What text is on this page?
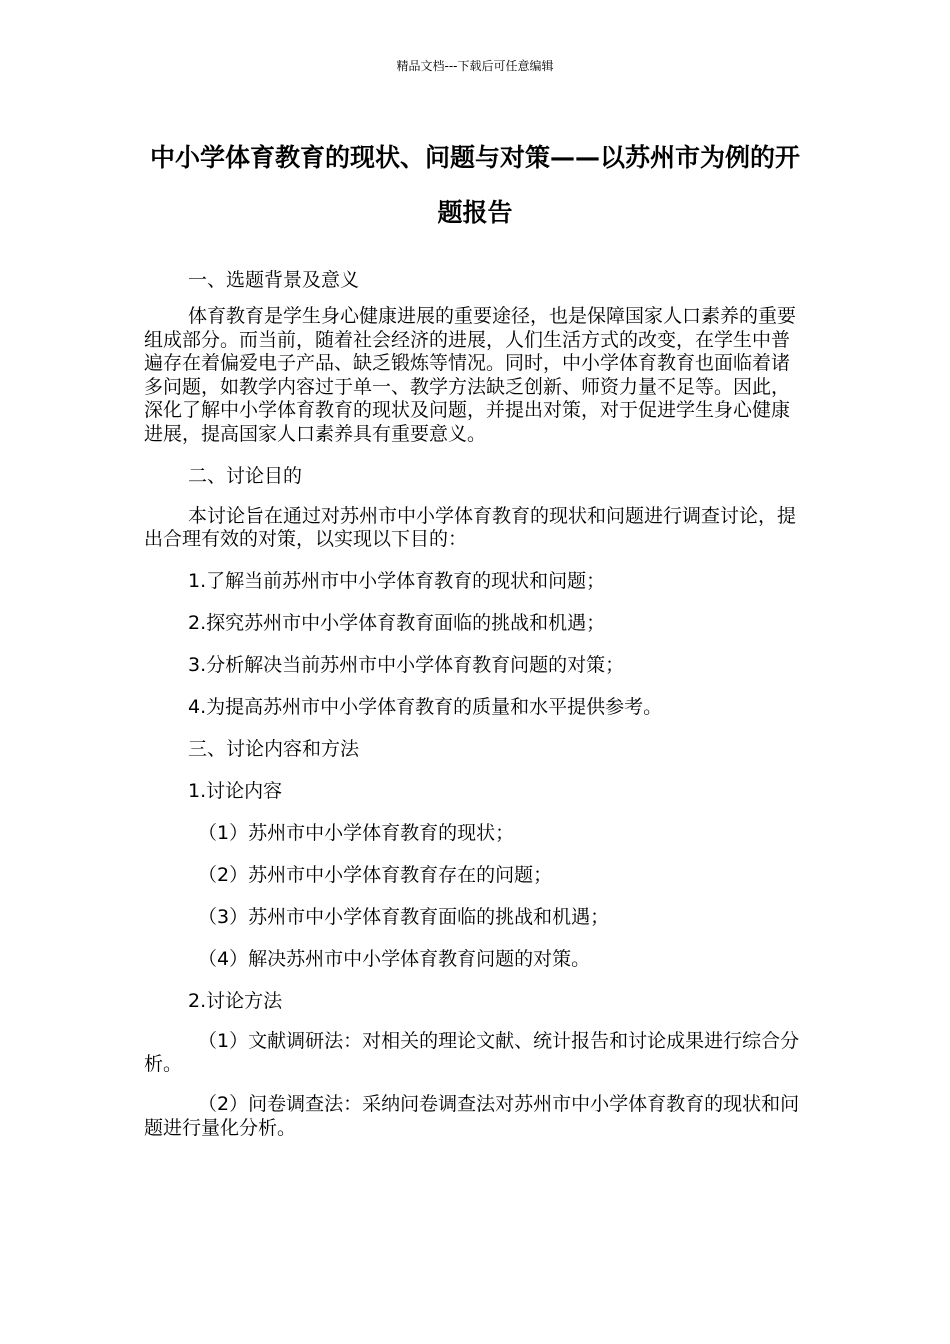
精品文档---下载后可任意编辑
中小学体育教育的现状、问题与对策——以苏州市为例的开题报告

一、选题背景及意义

体育教育是学生身心健康进展的重要途径，也是保障国家人口素养的重要组成部分。而当前，随着社会经济的进展，人们生活方式的改变，在学生中普遍存在着偏爱电子产品、缺乏锻炼等情况。同时，中小学体育教育也面临着诸多问题，如教学内容过于单一、教学方法缺乏创新、师资力量不足等。因此，深化了解中小学体育教育的现状及问题，并提出对策，对于促进学生身心健康进展，提高国家人口素养具有重要意义。

二、讨论目的

本讨论旨在通过对苏州市中小学体育教育的现状和问题进行调查讨论，提出合理有效的对策，以实现以下目的：

1.了解当前苏州市中小学体育教育的现状和问题；

2.探究苏州市中小学体育教育面临的挑战和机遇；

3.分析解决当前苏州市中小学体育教育问题的对策；

4.为提高苏州市中小学体育教育的质量和水平提供参考。

三、讨论内容和方法

1.讨论内容

（1）苏州市中小学体育教育的现状；

（2）苏州市中小学体育教育存在的问题；

（3）苏州市中小学体育教育面临的挑战和机遇；

（4）解决苏州市中小学体育教育问题的对策。

2.讨论方法

（1）文献调研法：对相关的理论文献、统计报告和讨论成果进行综合分析。

（2）问卷调查法：采纳问卷调查法对苏州市中小学体育教育的现状和问题进行量化分析。
